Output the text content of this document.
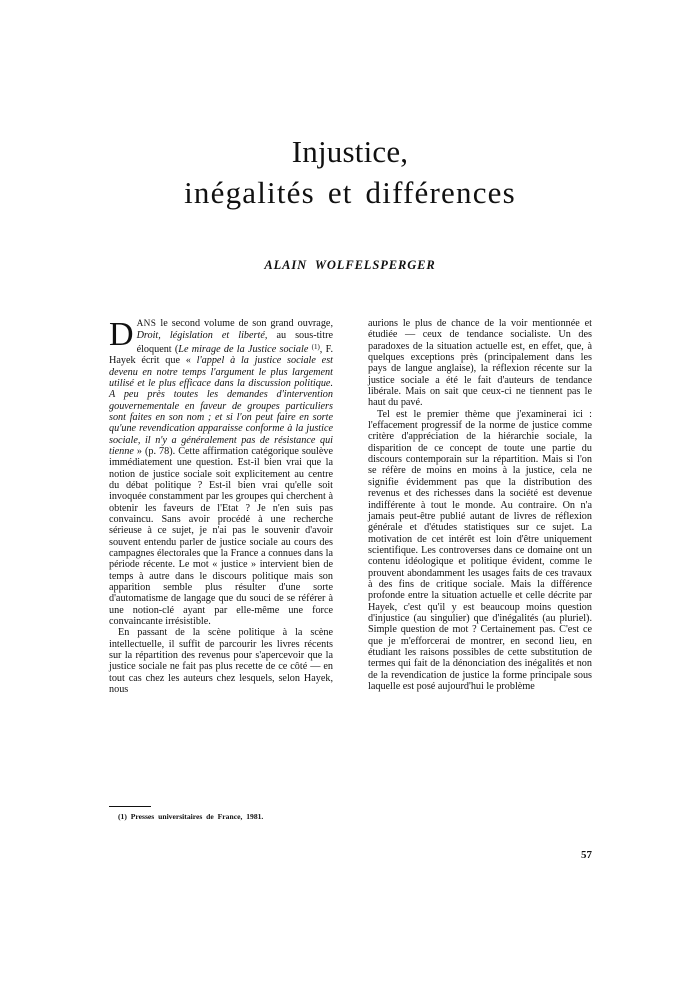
Injustice,
inégalités et différences
ALAIN WOLFELSPERGER

DANS le second volume de son grand ouvrage, Droit, législation et liberté, au sous-titre éloquent (Le mirage de la Justice sociale $^{(1)}$, F. Hayek écrit que « l'appel à la justice sociale est devenu en notre temps l'argument le plus largement utilisé et le plus efficace dans la discussion politique. A peu près toutes les demandes d'intervention gouvernementale en faveur de groupes particuliers sont faites en son nom ; et si l'on peut faire en sorte qu'une revendication apparaisse conforme à la justice sociale, il n'y a généralement pas de résistance qui tienne » (p. 78). Cette affirmation catégorique soulève immédiatement une question. Est-il bien vrai que la notion de justice sociale soit explicitement au centre du débat politique ? Est-il bien vrai qu'elle soit invoquée constamment par les groupes qui cherchent à obtenir les faveurs de l'Etat ? Je n'en suis pas convaincu. Sans avoir procédé à une recherche sérieuse à ce sujet, je n'ai pas le souvenir d'avoir souvent entendu parler de justice sociale au cours des campagnes électorales que la France a connues dans la période récente. Le mot « justice » intervient bien de temps à autre dans le discours politique mais son apparition semble plus résulter d'une sorte d'automatisme de langage que du souci de se référer à une notion-clé ayant par elle-même une force convaincante irrésistible.

En passant de la scène politique à la scène intellectuelle, il suffit de parcourir les livres récents sur la répartition des revenus pour s'apercevoir que la justice sociale ne fait pas plus recette de ce côté — en tout cas chez les auteurs chez lesquels, selon Hayek, nous

aurions le plus de chance de la voir mentionnée et étudiée — ceux de tendance socialiste. Un des paradoxes de la situation actuelle est, en effet, que, à quelques exceptions près (principalement dans les pays de langue anglaise), la réflexion récente sur la justice sociale a été le fait d'auteurs de tendance libérale. Mais on sait que ceux-ci ne tiennent pas le haut du pavé.

Tel est le premier thème que j'examinerai ici : l'effacement progressif de la norme de justice comme critère d'appréciation de la hiérarchie sociale, la disparition de ce concept de toute une partie du discours contemporain sur la répartition. Mais si l'on se réfère de moins en moins à la justice, cela ne signifie évidemment pas que la distribution des revenus et des richesses dans la société est devenue indifférente à tout le monde. Au contraire. On n'a jamais peut-être publié autant de livres de réflexion générale et d'études statistiques sur ce sujet. La motivation de cet intérêt est loin d'être uniquement scientifique. Les controverses dans ce domaine ont un contenu idéologique et politique évident, comme le prouvent abondamment les usages faits de ces travaux à des fins de critique sociale. Mais la différence profonde entre la situation actuelle et celle décrite par Hayek, c'est qu'il y est beaucoup moins question d'injustice (au singulier) que d'inégalités (au pluriel). Simple question de mot ? Certainement pas. C'est ce que je m'efforcerai de montrer, en second lieu, en étudiant les raisons possibles de cette substitution de termes qui fait de la dénonciation des inégalités et non de la revendication de justice la forme principale sous laquelle est posé aujourd'hui le problème

(1) Presses universitaires de France, 1981.
57
